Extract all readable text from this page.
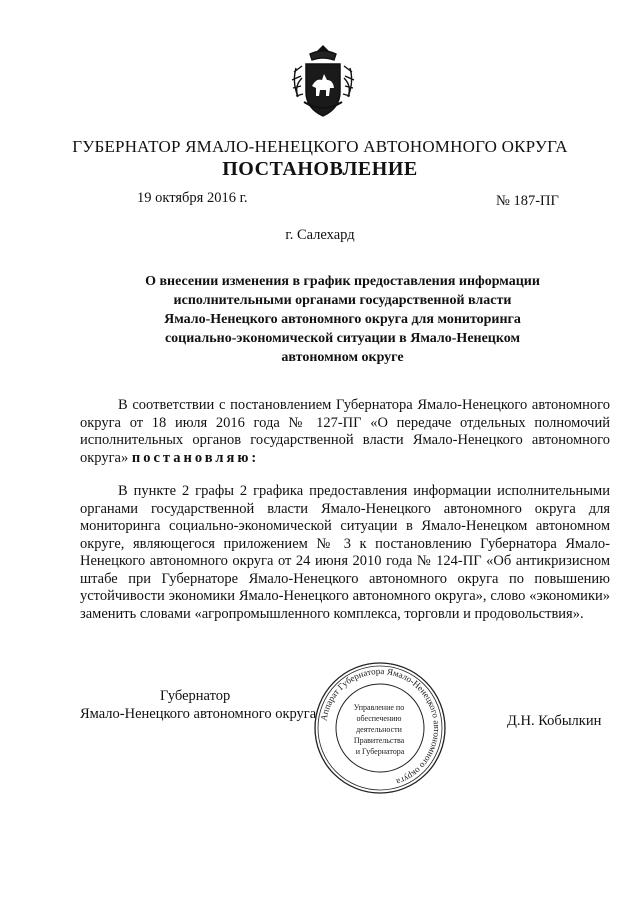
ГУБЕРНАТОР ЯМАЛО-НЕНЕЦКОГО АВТОНОМНОГО ОКРУГА
ПОСТАНОВЛЕНИЕ
19 октября 2016 г.	№ 187-ПГ
г. Салехард
О внесении изменения в график предоставления информации
исполнительными органами государственной власти
Ямало-Ненецкого автономного округа для мониторинга
социально-экономической ситуации в Ямало-Ненецком
автономном округе

В соответствии с постановлением Губернатора Ямало-Ненецкого автономного округа от 18 июля 2016 года № 127-ПГ «О передаче отдельных полномочий исполнительных органов государственной власти Ямало-Ненецкого автономного округа» постановляю:

В пункте 2 графы 2 графика предоставления информации исполнительными органами государственной власти Ямало-Ненецкого автономного округа для мониторинга социально-экономической ситуации в Ямало-Ненецком автономном округе, являющегося приложением № 3 к постановлению Губернатора Ямало-Ненецкого автономного округа от 24 июня 2010 года № 124-ПГ «Об антикризисном штабе при Губернаторе Ямало-Ненецкого автономного округа по повышению устойчивости экономики Ямало-Ненецкого автономного округа», слово «экономики» заменить словами «агропромышленного комплекса, торговли и продовольствия».

Губернатор
Ямало-Ненецкого автономного округа	Д.Н. Кобылкин
Аппарат Губернатора Ямало-Ненецкого автономного округа
Управление по обеспечению деятельности Правительства и Губернатора
